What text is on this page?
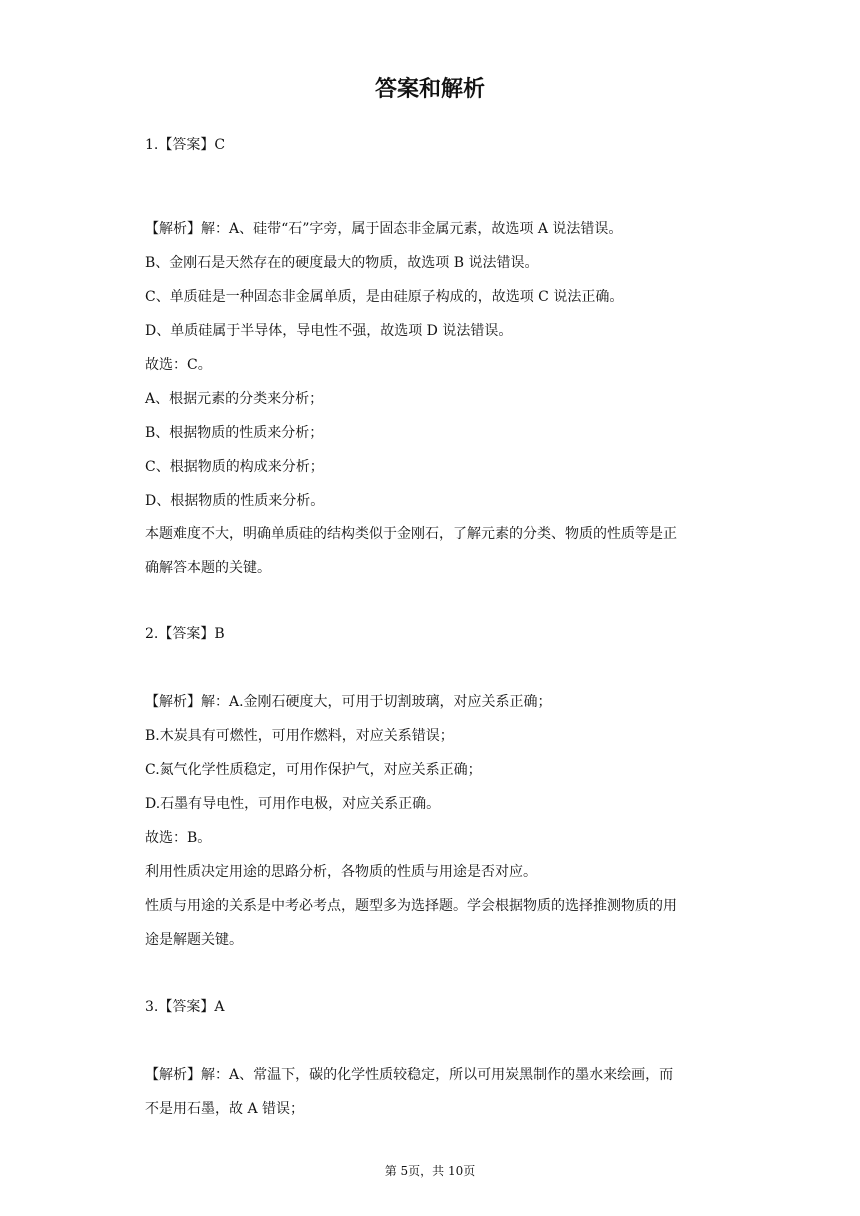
答案和解析
1.【答案】C
【解析】解：A、硅带“石”字旁，属于固态非金属元素，故选项 A 说法错误。
B、金刚石是天然存在的硬度最大的物质，故选项 B 说法错误。
C、单质硅是一种固态非金属单质，是由硅原子构成的，故选项 C 说法正确。
D、单质硅属于半导体，导电性不强，故选项 D 说法错误。
故选：C。
A、根据元素的分类来分析；
B、根据物质的性质来分析；
C、根据物质的构成来分析；
D、根据物质的性质来分析。
本题难度不大，明确单质硅的结构类似于金刚石，了解元素的分类、物质的性质等是正
确解答本题的关键。
2.【答案】B
【解析】解：A.金刚石硬度大，可用于切割玻璃，对应关系正确；
B.木炭具有可燃性，可用作燃料，对应关系错误；
C.氮气化学性质稳定，可用作保护气，对应关系正确；
D.石墨有导电性，可用作电极，对应关系正确。
故选：B。
利用性质决定用途的思路分析，各物质的性质与用途是否对应。
性质与用途的关系是中考必考点，题型多为选择题。学会根据物质的选择推测物质的用
途是解题关键。
3.【答案】A
【解析】解：A、常温下，碳的化学性质较稳定，所以可用炭黑制作的墨水来绘画，而
不是用石墨，故 A 错误；
第 5页，共 10页
